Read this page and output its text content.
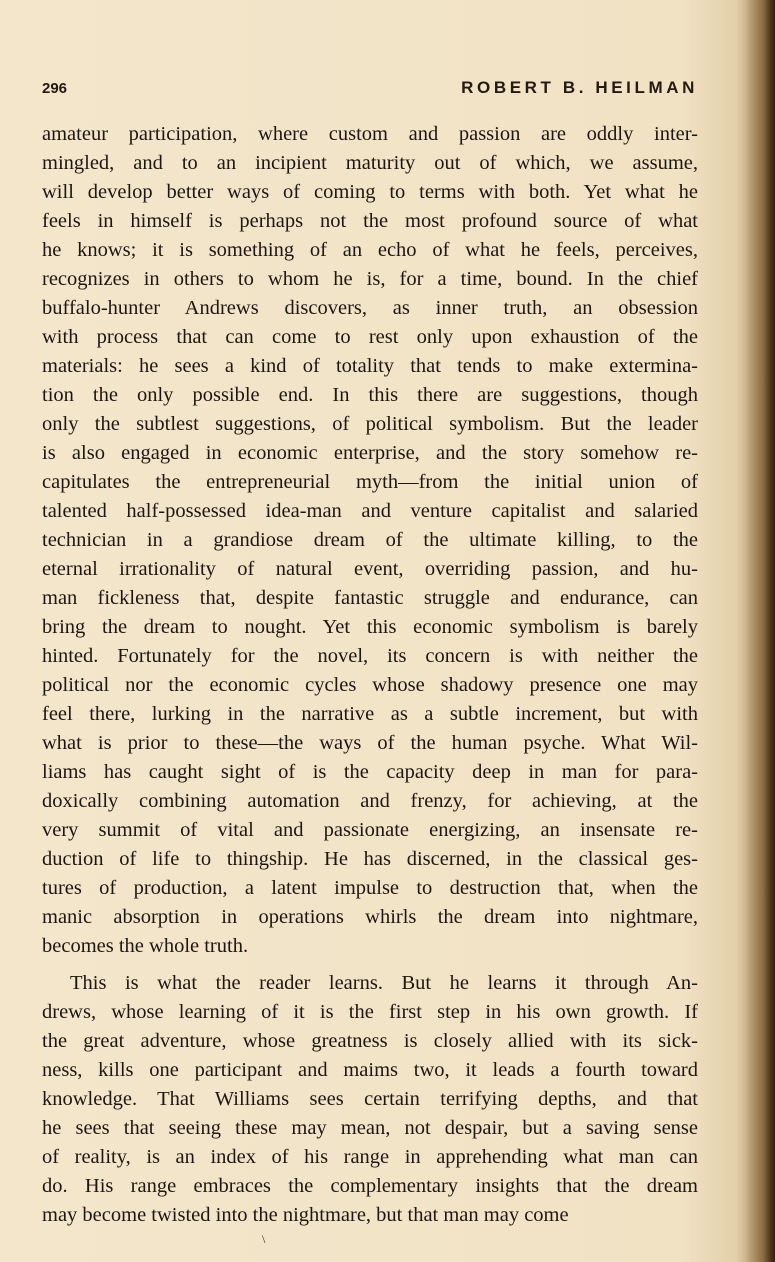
296	ROBERT B. HEILMAN
amateur participation, where custom and passion are oddly inter-
mingled, and to an incipient maturity out of which, we assume,
will develop better ways of coming to terms with both. Yet what he
feels in himself is perhaps not the most profound source of what
he knows; it is something of an echo of what he feels, perceives,
recognizes in others to whom he is, for a time, bound. In the chief
buffalo-hunter Andrews discovers, as inner truth, an obsession
with process that can come to rest only upon exhaustion of the
materials: he sees a kind of totality that tends to make extermina-
tion the only possible end. In this there are suggestions, though
only the subtlest suggestions, of political symbolism. But the leader
is also engaged in economic enterprise, and the story somehow re-
capitulates the entrepreneurial myth—from the initial union of
talented half-possessed idea-man and venture capitalist and salaried
technician in a grandiose dream of the ultimate killing, to the
eternal irrationality of natural event, overriding passion, and hu-
man fickleness that, despite fantastic struggle and endurance, can
bring the dream to nought. Yet this economic symbolism is barely
hinted. Fortunately for the novel, its concern is with neither the
political nor the economic cycles whose shadowy presence one may
feel there, lurking in the narrative as a subtle increment, but with
what is prior to these—the ways of the human psyche. What Wil-
liams has caught sight of is the capacity deep in man for para-
doxically combining automation and frenzy, for achieving, at the
very summit of vital and passionate energizing, an insensate re-
duction of life to thingship. He has discerned, in the classical ges-
tures of production, a latent impulse to destruction that, when the
manic absorption in operations whirls the dream into nightmare,
becomes the whole truth.
This is what the reader learns. But he learns it through An-
drews, whose learning of it is the first step in his own growth. If
the great adventure, whose greatness is closely allied with its sick-
ness, kills one participant and maims two, it leads a fourth toward
knowledge. That Williams sees certain terrifying depths, and that
he sees that seeing these may mean, not despair, but a saving sense
of reality, is an index of his range in apprehending what man can
do. His range embraces the complementary insights that the dream
may become twisted into the nightmare, but that man may come
\
